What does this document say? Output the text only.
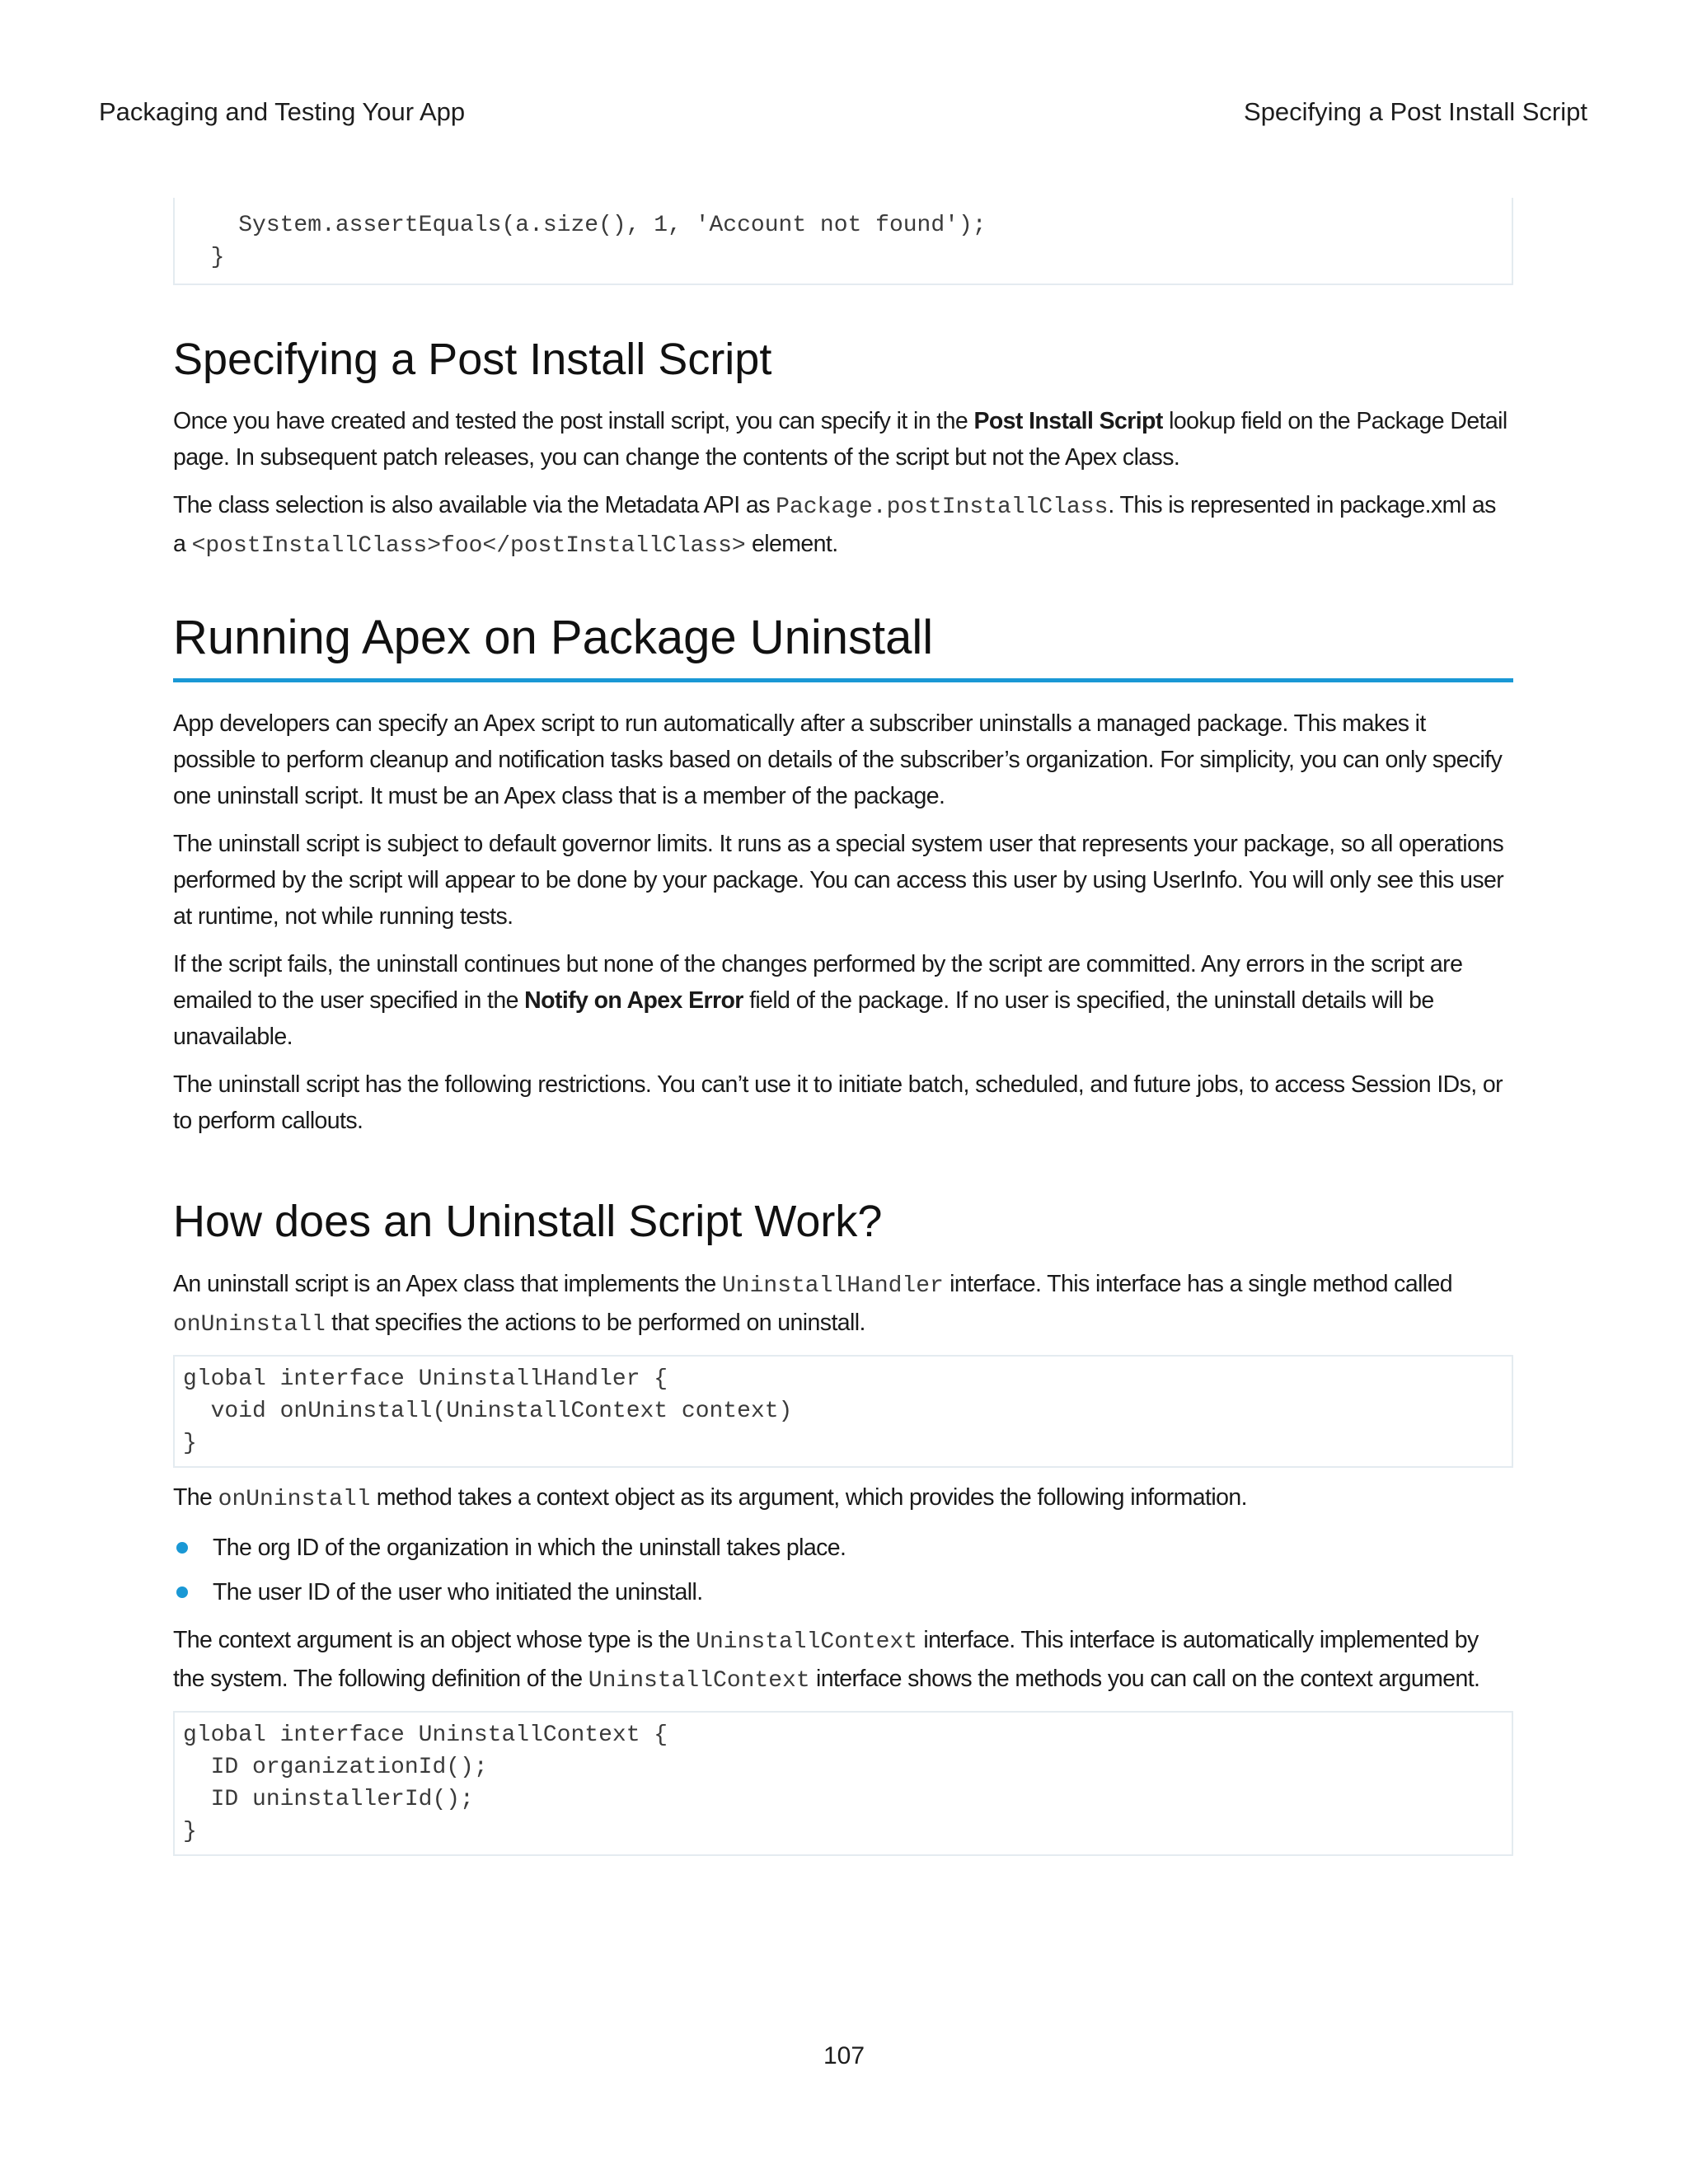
Packaging and Testing Your App	Specifying a Post Install Script
System.assertEquals(a.size(), 1, 'Account not found');
}
Specifying a Post Install Script

Once you have created and tested the post install script, you can specify it in the Post Install Script lookup field on the Package Detail page. In subsequent patch releases, you can change the contents of the script but not the Apex class.

The class selection is also available via the Metadata API as Package.postInstallClass. This is represented in package.xml as a <postInstallClass>foo</postInstallClass> element.

Running Apex on Package Uninstall

App developers can specify an Apex script to run automatically after a subscriber uninstalls a managed package. This makes it possible to perform cleanup and notification tasks based on details of the subscriber’s organization. For simplicity, you can only specify one uninstall script. It must be an Apex class that is a member of the package.

The uninstall script is subject to default governor limits. It runs as a special system user that represents your package, so all operations performed by the script will appear to be done by your package. You can access this user by using UserInfo. You will only see this user at runtime, not while running tests.

If the script fails, the uninstall continues but none of the changes performed by the script are committed. Any errors in the script are emailed to the user specified in the Notify on Apex Error field of the package. If no user is specified, the uninstall details will be unavailable.

The uninstall script has the following restrictions. You can’t use it to initiate batch, scheduled, and future jobs, to access Session IDs, or to perform callouts.

How does an Uninstall Script Work?

An uninstall script is an Apex class that implements the UninstallHandler interface. This interface has a single method called onUninstall that specifies the actions to be performed on uninstall.

global interface UninstallHandler {
void onUninstall(UninstallContext context)
}

The onUninstall method takes a context object as its argument, which provides the following information.

The org ID of the organization in which the uninstall takes place.
The user ID of the user who initiated the uninstall.

The context argument is an object whose type is the UninstallContext interface. This interface is automatically implemented by the system. The following definition of the UninstallContext interface shows the methods you can call on the context argument.

global interface UninstallContext {
ID organizationId();
ID uninstallerId();
}
107
